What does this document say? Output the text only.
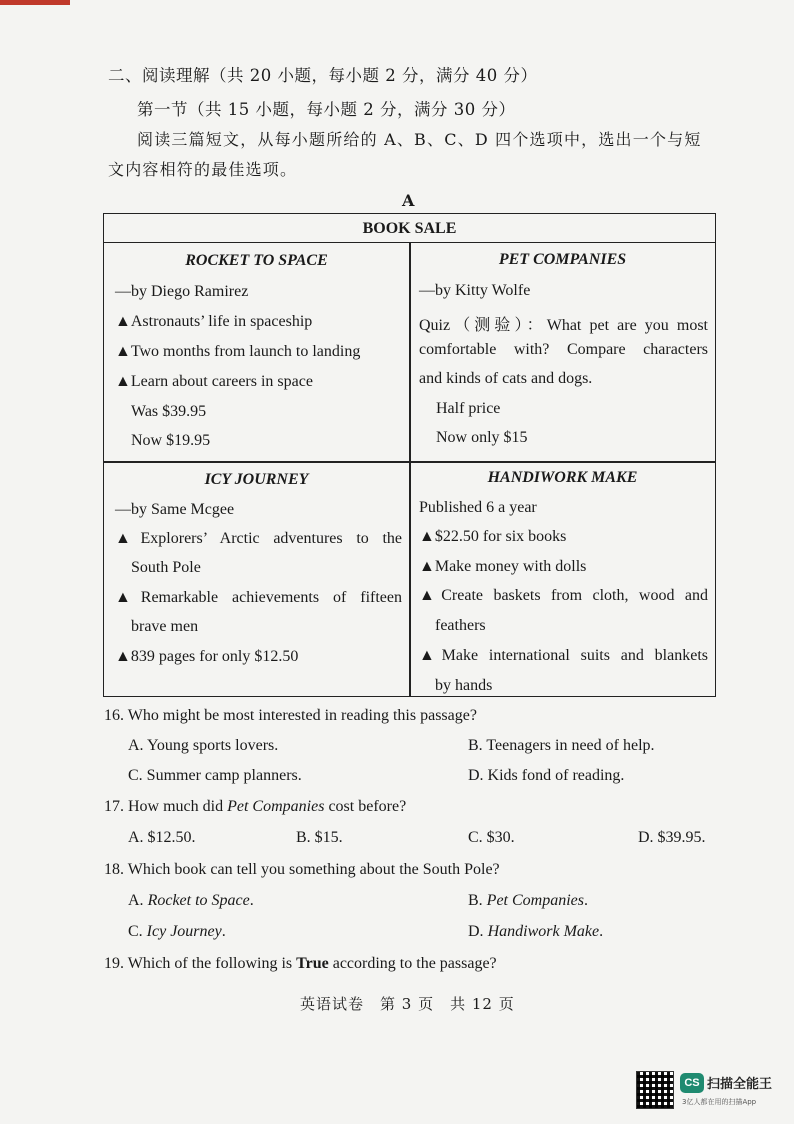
二、阅读理解（共 20 小题，每小题 2 分，满分 40 分）
第一节（共 15 小题，每小题 2 分，满分 30 分）
阅读三篇短文，从每小题所给的 A、B、C、D 四个选项中，选出一个与短
文内容相符的最佳选项。
A
BOOK SALE
ROCKET TO SPACE
—by Diego Ramirez
▲Astronauts’ life in spaceship
▲Two months from launch to landing
▲Learn about careers in space
Was $39.95
Now $19.95
PET COMPANIES
—by Kitty Wolfe
Quiz（测验）：What pet are you most
comfortable with? Compare characters
and kinds of cats and dogs.
Half price
Now only $15
ICY JOURNEY
—by Same Mcgee
▲Explorers’ Arctic adventures to the
South Pole
▲Remarkable achievements of fifteen
brave men
▲839 pages for only $12.50
HANDIWORK MAKE
Published 6 a year
▲$22.50 for six books
▲Make money with dolls
▲Create baskets from cloth, wood and
feathers
▲Make international suits and blankets
by hands
16. Who might be most interested in reading this passage?
A. Young sports lovers.	B. Teenagers in need of help.
C. Summer camp planners.	D. Kids fond of reading.
17. How much did Pet Companies cost before?
A. $12.50.	B. $15.	C. $30.	D. $39.95.
18. Which book can tell you something about the South Pole?
A. Rocket to Space.	B. Pet Companies.
C. Icy Journey.	D. Handiwork Make.
19. Which of the following is True according to the passage?
英语试卷　第 3 页　共 12 页
CS 扫描全能王
3亿人都在用的扫描App
